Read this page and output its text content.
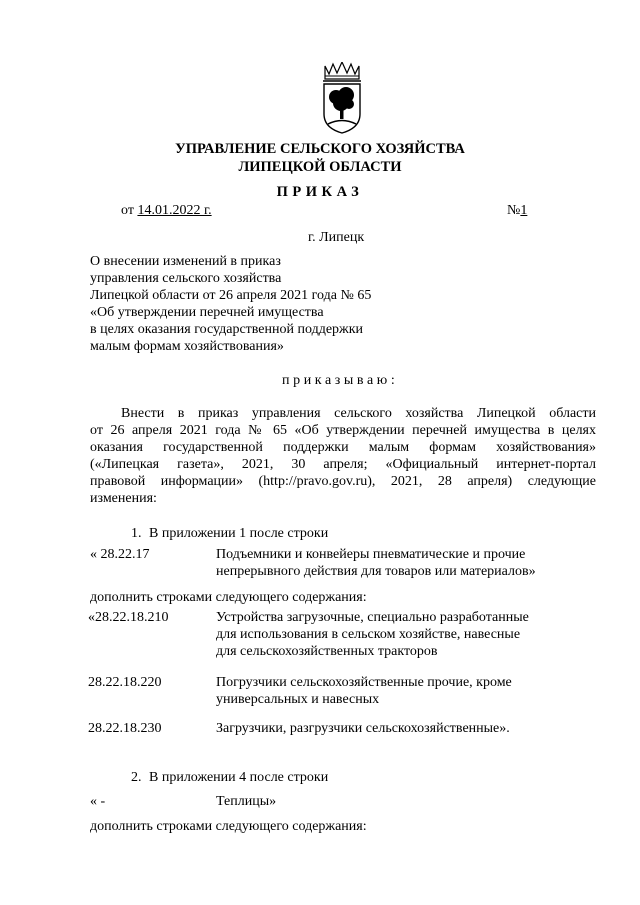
УПРАВЛЕНИЕ СЕЛЬСКОГО ХОЗЯЙСТВА
ЛИПЕЦКОЙ ОБЛАСТИ
ПРИКАЗ
от 14.01.2022 г.	№1
г. Липецк
О внесении изменений в приказ
управления сельского хозяйства
Липецкой области от 26 апреля 2021 года № 65
«Об утверждении перечней имущества
в целях оказания государственной поддержки
малым формам хозяйствования»
приказываю:
Внести в приказ управления сельского хозяйства Липецкой области
от 26 апреля 2021 года № 65 «Об утверждении перечней имущества в целях
оказания государственной поддержки малым формам хозяйствования»
(«Липецкая газета», 2021, 30 апреля; «Официальный интернет-портал
правовой информации» (http://pravo.gov.ru), 2021, 28 апреля) следующие
изменения:
1. В приложении 1 после строки
« 28.22.17	Подъемники и конвейеры пневматические и прочие
непрерывного действия для товаров или материалов»
дополнить строками следующего содержания:
«28.22.18.210	Устройства загрузочные, специально разработанные
для использования в сельском хозяйстве, навесные
для сельскохозяйственных тракторов
28.22.18.220	Погрузчики сельскохозяйственные прочие, кроме
универсальных и навесных
28.22.18.230	Загрузчики, разгрузчики сельскохозяйственные».
2. В приложении 4 после строки
« -	Теплицы»
дополнить строками следующего содержания:
